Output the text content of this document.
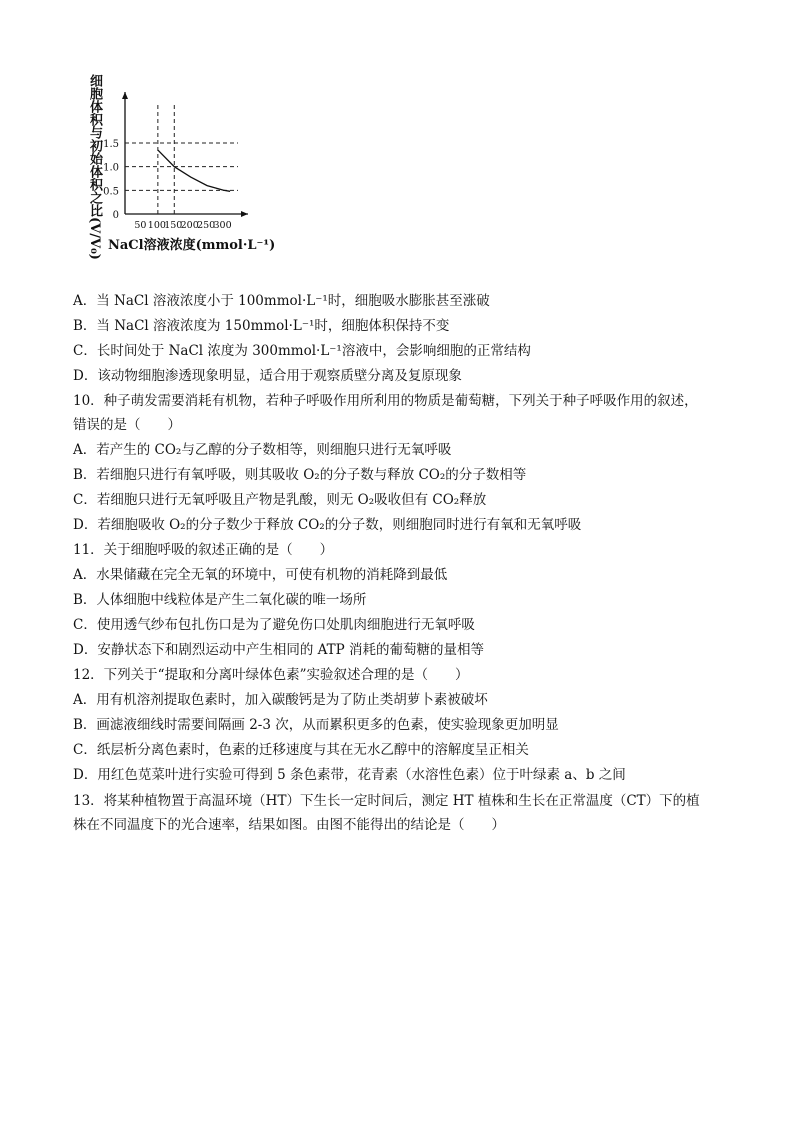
0
0.5
1.0
1.5
50 100
150
200
250
300
细胞体积与初始体积之比(V/V₀) NaCl溶液浓度(mmol·L⁻¹)
A．当 NaCl 溶液浓度小于 100mmol·L⁻¹时，细胞吸水膨胀甚至涨破
B．当 NaCl 溶液浓度为 150mmol·L⁻¹时，细胞体积保持不变
C．长时间处于 NaCl 浓度为 300mmol·L⁻¹溶液中，会影响细胞的正常结构
D．该动物细胞渗透现象明显，适合用于观察质壁分离及复原现象
10．种子萌发需要消耗有机物，若种子呼吸作用所利用的物质是葡萄糖，下列关于种子呼吸作用的叙述，
错误的是（　　）
A．若产生的 CO₂与乙醇的分子数相等，则细胞只进行无氧呼吸
B．若细胞只进行有氧呼吸，则其吸收 O₂的分子数与释放 CO₂的分子数相等
C．若细胞只进行无氧呼吸且产物是乳酸，则无 O₂吸收但有 CO₂释放
D．若细胞吸收 O₂的分子数少于释放 CO₂的分子数，则细胞同时进行有氧和无氧呼吸
11．关于细胞呼吸的叙述正确的是（　　）
A．水果储藏在完全无氧的环境中，可使有机物的消耗降到最低
B．人体细胞中线粒体是产生二氧化碳的唯一场所
C．使用透气纱布包扎伤口是为了避免伤口处肌肉细胞进行无氧呼吸
D．安静状态下和剧烈运动中产生相同的 ATP 消耗的葡萄糖的量相等
12．下列关于“提取和分离叶绿体色素”实验叙述合理的是（　　）
A．用有机溶剂提取色素时，加入碳酸钙是为了防止类胡萝卜素被破坏
B．画滤液细线时需要间隔画 2-3 次，从而累积更多的色素，使实验现象更加明显
C．纸层析分离色素时，色素的迁移速度与其在无水乙醇中的溶解度呈正相关
D．用红色苋菜叶进行实验可得到 5 条色素带，花青素（水溶性色素）位于叶绿素 a、b 之间
13．将某种植物置于高温环境（HT）下生长一定时间后，测定 HT 植株和生长在正常温度（CT）下的植
株在不同温度下的光合速率，结果如图。由图不能得出的结论是（　　）
